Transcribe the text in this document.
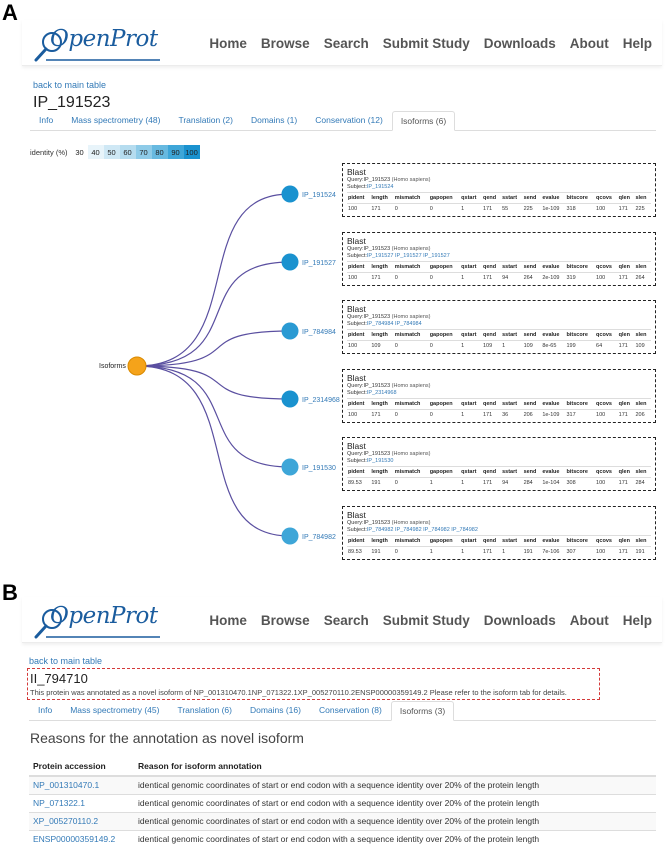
A
B
OpenProt	Home Browse Search Submit Study Downloads About Help
back to main table
IP_191523
Info	Mass spectrometry (48)	Translation (2)	Domains (1)	Conservation (12)	Isoforms (6)
identity (%)	30	40	50	60	70	80	90 100
IP_191524
IP_191527
IP_784984
IP_2314968
IP_191530
IP_784982
Isoforms
Blast
Query:IP_191523 (Homo sapiens)
Subject:IP_191524
pident	length	mismatch	gapopen	qstart	qend	sstart	send	evalue	bitscore	qcovs	qlen	slen
100	171	0	0	1	171	55	225	1e-109	318	100	171	225
Blast
Query:IP_191523 (Homo sapiens)
Subject:IP_191527 IP_191527 IP_191527
pident	length	mismatch	gapopen	qstart	qend	sstart	send	evalue	bitscore	qcovs	qlen	slen
100	171	0	0	1	171	94	264	2e-109	319	100	171	264
Blast
Query:IP_191523 (Homo sapiens)
Subject:IP_784984 IP_784984
pident	length	mismatch	gapopen	qstart	qend	sstart	send	evalue	bitscore	qcovs	qlen	slen
100	109	0	0	1	109	1	109	8e-65	199	64	171	109
Blast
Query:IP_191523 (Homo sapiens)
Subject:IP_2314968
pident	length	mismatch	gapopen	qstart	qend	sstart	send	evalue	bitscore	qcovs	qlen	slen
100	171	0	0	1	171	36	206	1e-109	317	100	171	206
Blast
Query:IP_191523 (Homo sapiens)
Subject:IP_191530
pident	length	mismatch	gapopen	qstart	qend	sstart	send	evalue	bitscore	qcovs	qlen	slen
89.53	191	0	1	1	171	94	284	1e-104	308	100	171	284
Blast
Query:IP_191523 (Homo sapiens)
Subject:IP_784982 IP_784982 IP_784982 IP_784982
pident	length	mismatch	gapopen	qstart	qend	sstart	send	evalue	bitscore	qcovs	qlen	slen
89.53	191	0	1	1	171	1	191	7e-106	307	100	171	191
OpenProt	Home Browse Search Submit Study Downloads About Help
back to main table
II_794710
This protein was annotated as a novel isoform of NP_001310470.1NP_071322.1XP_005270110.2ENSP00000359149.2 Please refer to the isoform tab for details.
Info	Mass spectrometry (45)	Translation (6)	Domains (16)	Conservation (8)	Isoforms (3)
Reasons for the annotation as novel isoform
Protein accession	Reason for isoform annotation
NP_001310470.1	identical genomic coordinates of start or end codon with a sequence identity over 20% of the protein length
NP_071322.1	identical genomic coordinates of start or end codon with a sequence identity over 20% of the protein length
XP_005270110.2	identical genomic coordinates of start or end codon with a sequence identity over 20% of the protein length
ENSP00000359149.2	identical genomic coordinates of start or end codon with a sequence identity over 20% of the protein length
